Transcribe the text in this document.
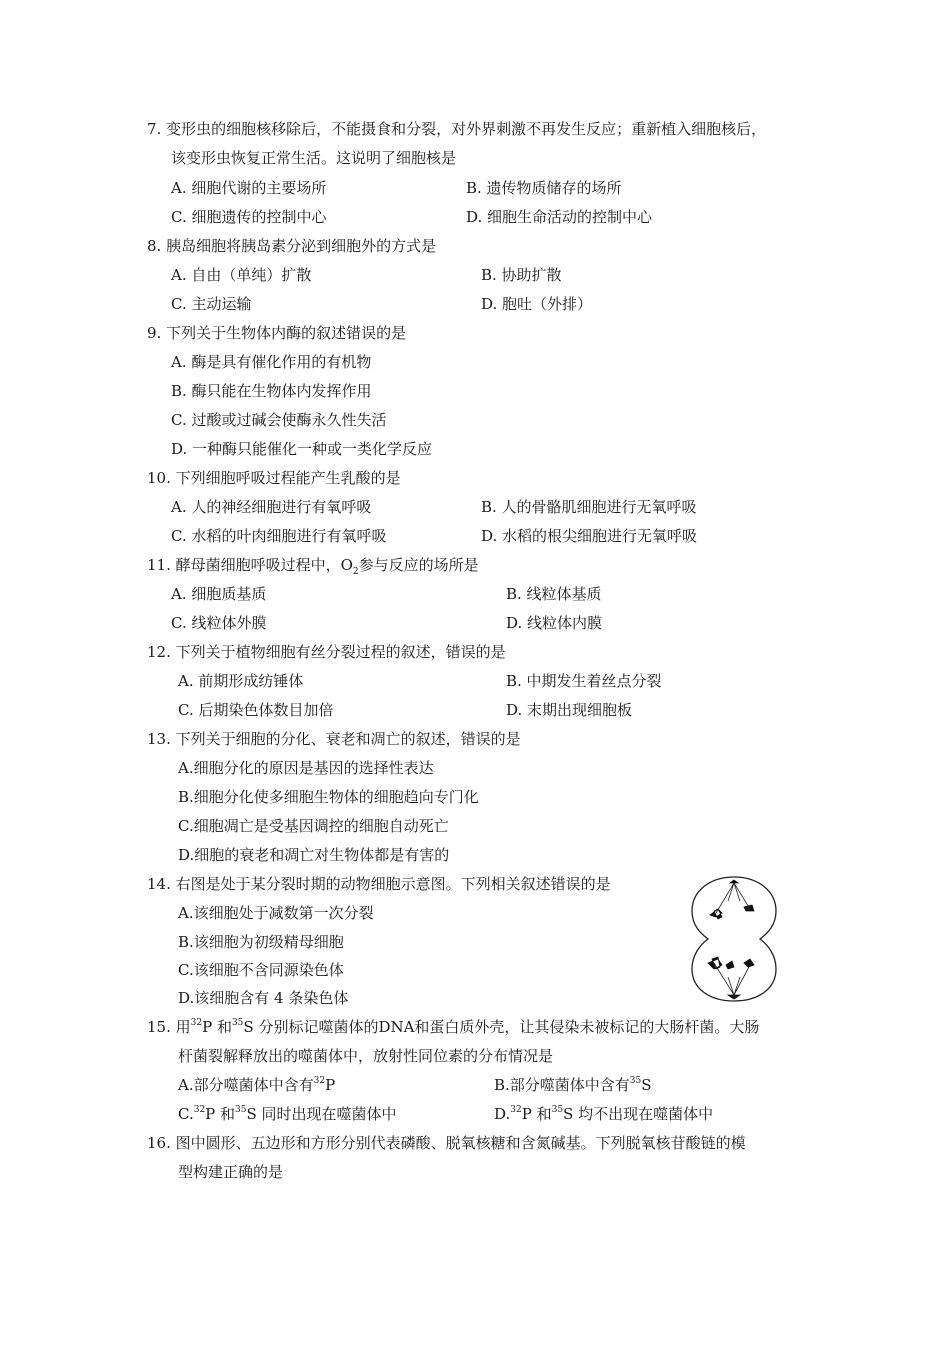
7. 变形虫的细胞核移除后，不能摄食和分裂，对外界刺激不再发生反应；重新植入细胞核后，
该变形虫恢复正常生活。这说明了细胞核是
A. 细胞代谢的主要场所	B. 遗传物质储存的场所
C. 细胞遗传的控制中心	D. 细胞生命活动的控制中心
8. 胰岛细胞将胰岛素分泌到细胞外的方式是
A. 自由（单纯）扩散	B. 协助扩散
C. 主动运输	D. 胞吐（外排）
9. 下列关于生物体内酶的叙述错误的是
A. 酶是具有催化作用的有机物
B. 酶只能在生物体内发挥作用
C. 过酸或过碱会使酶永久性失活
D. 一种酶只能催化一种或一类化学反应
10. 下列细胞呼吸过程能产生乳酸的是
A. 人的神经细胞进行有氧呼吸	B. 人的骨骼肌细胞进行无氧呼吸
C. 水稻的叶肉细胞进行有氧呼吸	D. 水稻的根尖细胞进行无氧呼吸
11. 酵母菌细胞呼吸过程中，$O_2$参与反应的场所是
A. 细胞质基质	B. 线粒体基质
C. 线粒体外膜	D. 线粒体内膜
12. 下列关于植物细胞有丝分裂过程的叙述，错误的是
A. 前期形成纺锤体	B. 中期发生着丝点分裂
C. 后期染色体数目加倍	D. 末期出现细胞板
13. 下列关于细胞的分化、衰老和凋亡的叙述，错误的是
A.细胞分化的原因是基因的选择性表达
B.细胞分化使多细胞生物体的细胞趋向专门化
C.细胞凋亡是受基因调控的细胞自动死亡
D.细胞的衰老和凋亡对生物体都是有害的
14. 右图是处于某分裂时期的动物细胞示意图。下列相关叙述错误的是
A.该细胞处于减数第一次分裂
B.该细胞为初级精母细胞
C.该细胞不含同源染色体
D.该细胞含有 4 条染色体
15. 用$^{32}$P 和$^{35}$S 分别标记噬菌体的DNA和蛋白质外壳，让其侵染未被标记的大肠杆菌。大肠
杆菌裂解释放出的噬菌体中，放射性同位素的分布情况是
A.部分噬菌体中含有$^{32}$P	B.部分噬菌体中含有$^{35}$S
C.$^{32}$P 和$^{35}$S 同时出现在噬菌体中	D.$^{32}$P 和$^{35}$S 均不出现在噬菌体中
16. 图中圆形、五边形和方形分别代表磷酸、脱氧核糖和含氮碱基。下列脱氧核苷酸链的模
型构建正确的是
